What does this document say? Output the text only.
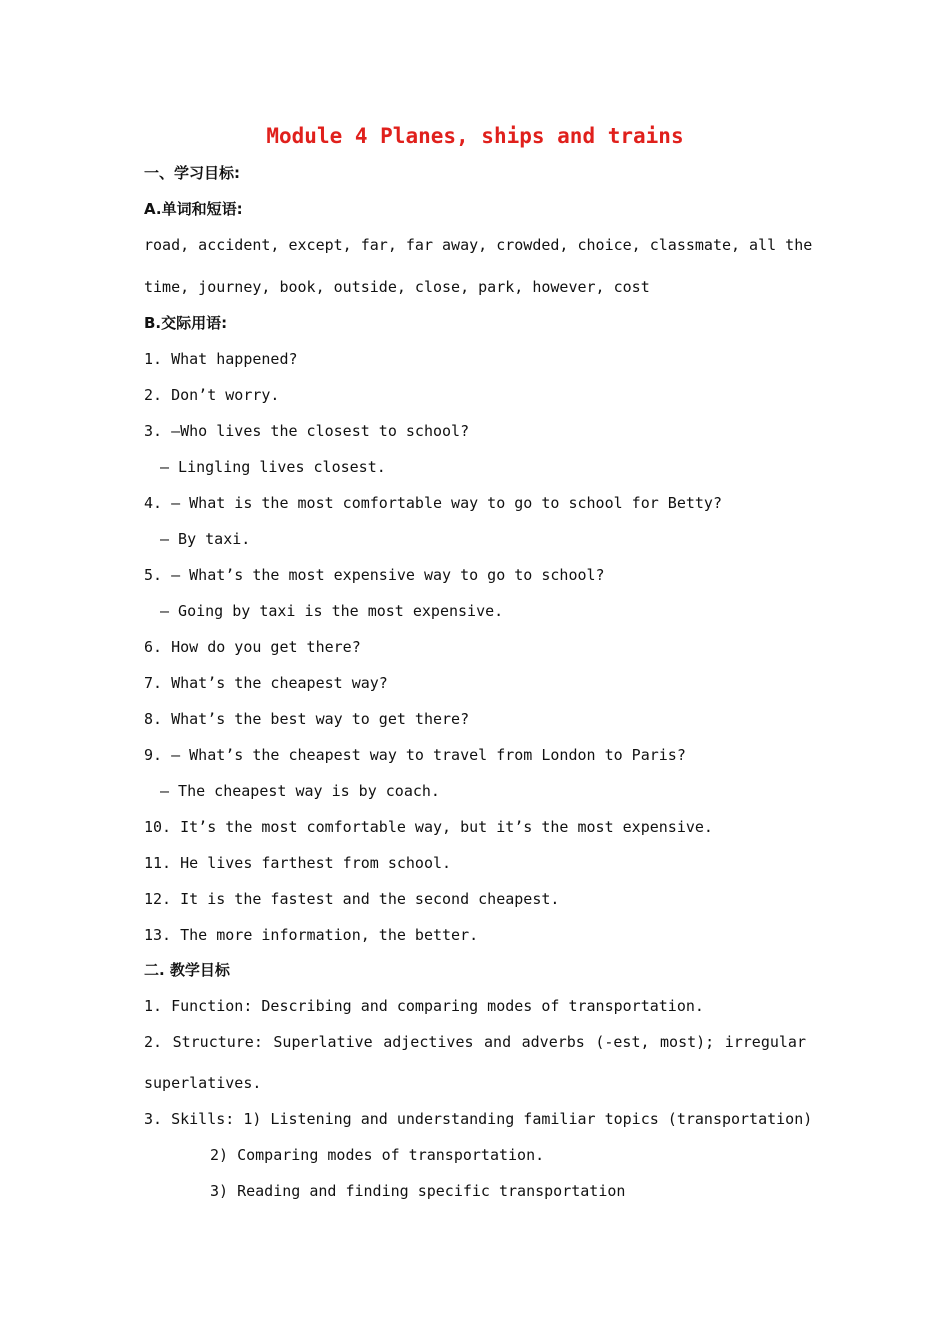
Module 4 Planes, ships and trains
一、学习目标:
A.单词和短语:
road, accident, except, far, far away, crowded, choice, classmate, all the
time, journey, book, outside, close, park, however, cost
B.交际用语:
1. What happened?
2. Don’t worry.
3. —Who lives the closest to school?
— Lingling lives closest.
4. — What is the most comfortable way to go to school for Betty?
— By taxi.
5. — What’s the most expensive way to go to school?
— Going by taxi is the most expensive.
6. How do you get there?
7. What’s the cheapest way?
8. What’s the best way to get there?
9. — What’s the cheapest way to travel from London to Paris?
— The cheapest way is by coach.
10. It’s the most comfortable way, but it’s the most expensive.
11. He lives farthest from school.
12. It is the fastest and the second cheapest.
13. The more information, the better.
二. 教学目标
1. Function: Describing and comparing modes of transportation.
2. Structure: Superlative adjectives and adverbs (-est, most); irregular
superlatives.
3. Skills: 1) Listening and understanding familiar topics (transportation)
2) Comparing modes of transportation.
3) Reading and finding specific transportation
